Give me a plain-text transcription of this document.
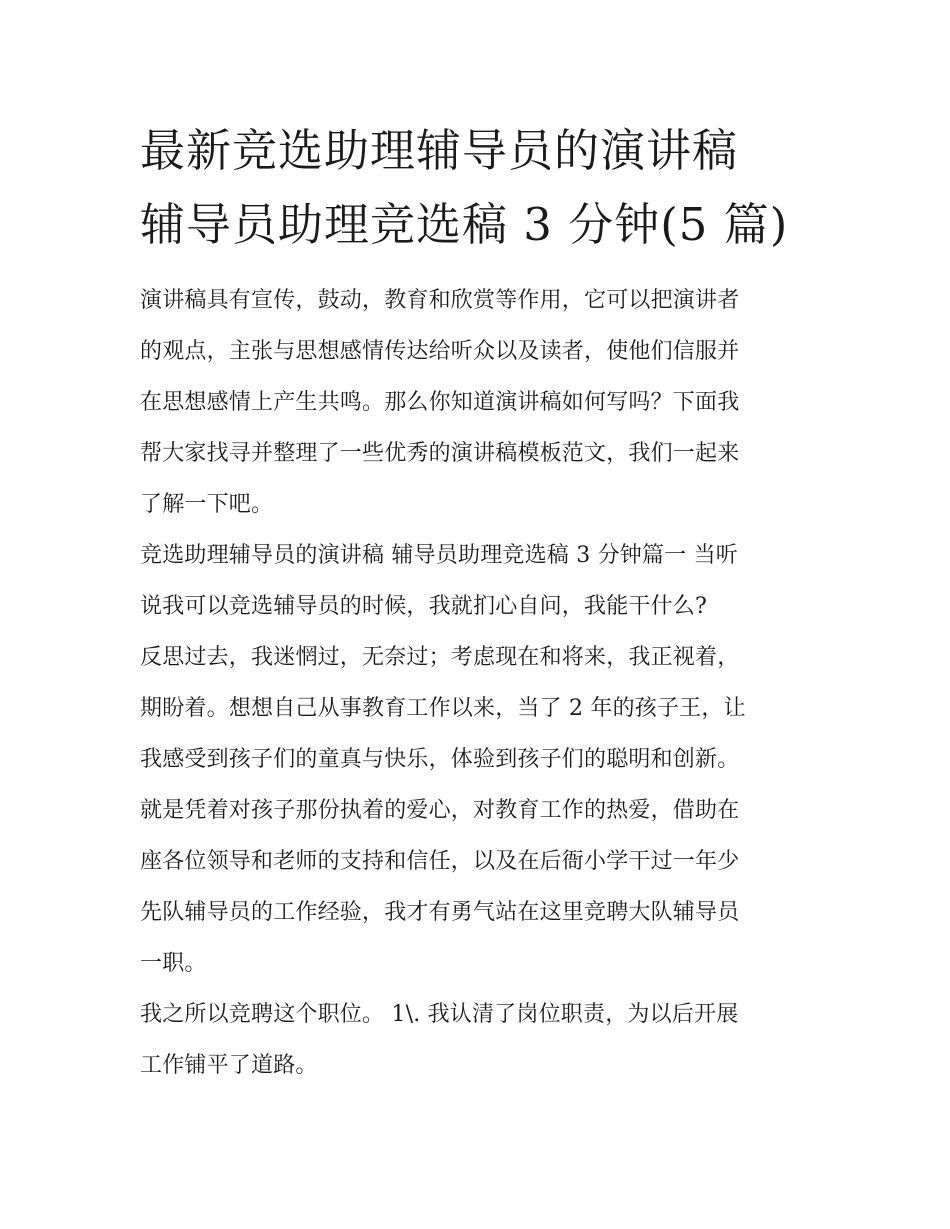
最新竞选助理辅导员的演讲稿
辅导员助理竞选稿 3 分钟(5 篇)

演讲稿具有宣传，鼓动，教育和欣赏等作用，它可以把演讲者
的观点，主张与思想感情传达给听众以及读者，使他们信服并
在思想感情上产生共鸣。那么你知道演讲稿如何写吗？下面我
帮大家找寻并整理了一些优秀的演讲稿模板范文，我们一起来
了解一下吧。

竞选助理辅导员的演讲稿 辅导员助理竞选稿 3 分钟篇一 当听
说我可以竞选辅导员的时候，我就扪心自问，我能干什么?

反思过去，我迷惘过，无奈过；考虑现在和将来，我正视着，
期盼着。想想自己从事教育工作以来，当了 2 年的孩子王，让
我感受到孩子们的童真与快乐，体验到孩子们的聪明和创新。
就是凭着对孩子那份执着的爱心，对教育工作的热爱，借助在
座各位领导和老师的支持和信任，以及在后衙小学干过一年少
先队辅导员的工作经验，我才有勇气站在这里竞聘大队辅导员
一职。

我之所以竞聘这个职位。 1\. 我认清了岗位职责，为以后开展
工作铺平了道路。
